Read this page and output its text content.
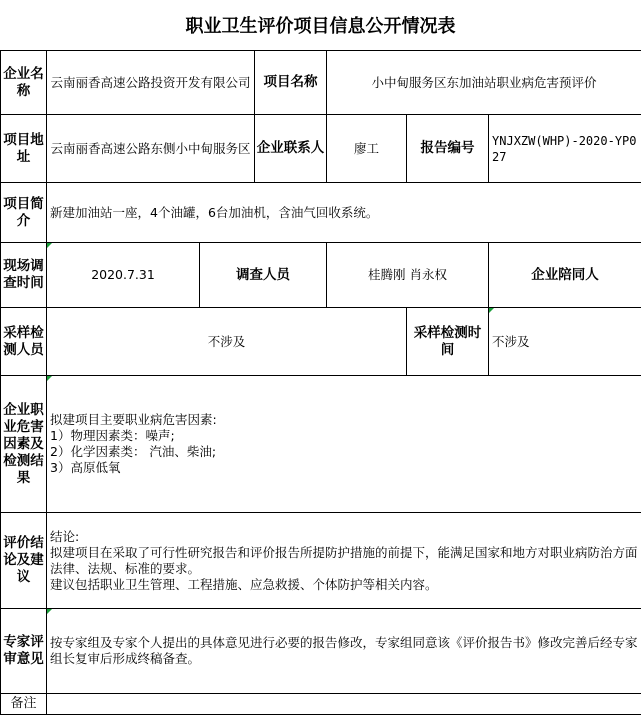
职业卫生评价项目信息公开情况表
企业名称	云南丽香高速公路投资开发有限公司		项目名称	小中甸服务区东加油站职业病危害预评价			
项目地址	云南丽香高速公路东侧小中甸服务区		企业联系人	廖工	报告编号	YNJXZW(WHP)-2020-YP027	
项目简介	新建加油站一座，4个油罐，6台加油机，含油气回收系统。						
现场调查时间	2020.7.31	调查人员		桂腾刚 肖永权		企业陪同人	
采样检测人员	不涉及				采样检测时间	不涉及	
企业职业危害因素及检测结果	拟建项目主要职业病危害因素:
1）物理因素类：噪声;
2）化学因素类： 汽油、柴油;
3）高原低氧						

评价结论及建议	结论:
拟建项目在采取了可行性研究报告和评价报告所提防护措施的前提下，能满足国家和地方对职业病防治方面法律、法规、标准的要求。
建议包括职业卫生管理、工程措施、应急救援、个体防护等相关内容。						

专家评审意见	按专家组及专家个人提出的具体意见进行必要的报告修改，专家组同意该《评价报告书》修改完善后经专家组长复审后形成终稿备查。						
备注							
